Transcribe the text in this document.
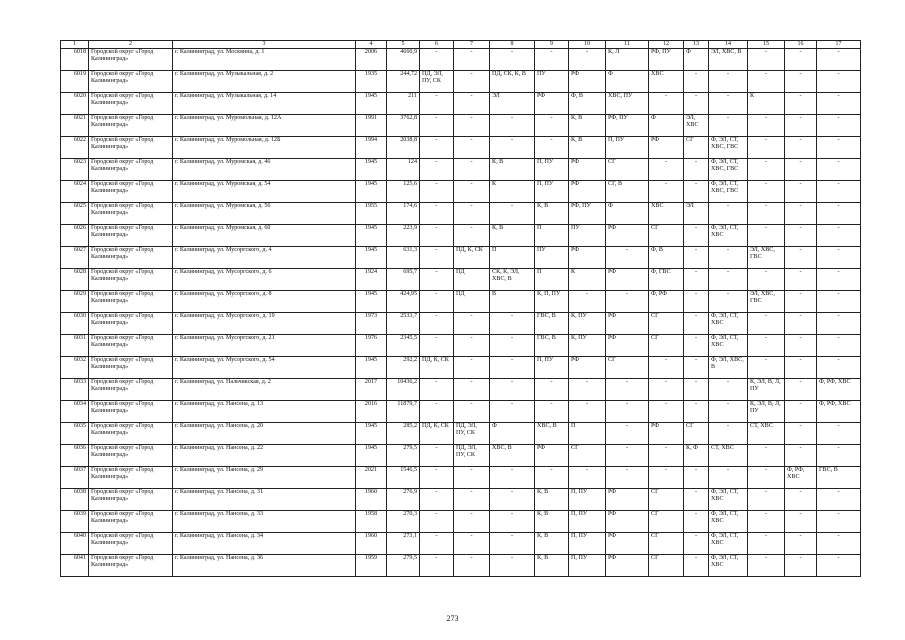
1	2	3	4	5	6	7	8	9	10	11	12	13	14	15	16	17
6018	Городской округ «Город Калининград»	г. Калининград, ул. Москвина, д. 1	2006	4660,9	-	-	-	-	-	К, Л	РФ, ПУ	Ф	ЭЛ, ХВС, В	-	-	-
6019	Городской округ «Город Калининград»	г. Калининград, ул. Музыкальная, д. 2	1935	244,72	ПД, ЭЛ, ПУ, СК	-	ПД, СК, К, В	ПУ	РФ	Ф	ХВС	-	-	-	-	-
6020	Городской округ «Город Калининград»	г. Калининград, ул. Музыкальная, д. 14	1945	211	-	-	ЭЛ	РФ	Ф, В	ХВС, ПУ	-	-	-	К	-	-
6021	Городской округ «Город Калининград»	г. Калининград, ул. Муромольная, д. 12А	1991	3762,8	-	-	-	-	К, В	РФ, ПУ	Ф	ЭЛ, ХВС	-	-	-	-
6022	Городской округ «Город Калининград»	г. Калининград, ул. Муромольная, д. 12Б	1994	2038,8	-	-	-	-	К, В	П, ПУ	РФ	СГ	Ф, ЭЛ, СТ, ХВС, ГВС	-	-	-
6023	Городской округ «Город Калининград»	г. Калининград, ул. Муромская, д. 46	1945	124	-	-	К, В	П, ПУ	РФ	СГ	-	-	Ф, ЭЛ, СТ, ХВС, ГВС	-	-	-
6024	Городской округ «Город Калининград»	г. Калининград, ул. Муромская, д. 54	1945	125,6	-	-	К	П, ПУ	РФ	СГ, В	-	-	Ф, ЭЛ, СТ, ХВС, ГВС	-	-	-
6025	Городской округ «Город Калининград»	г. Калининград, ул. Муромская, д. 56	1955	174,6	-	-	-	К, В	РФ, ПУ	Ф	ХВС	ЭЛ	-	-	-	-
6026	Городской округ «Город Калининград»	г. Калининград, ул. Муромская, д. 60	1945	223,9	-	-	К, В	П	ПУ	РФ	СГ	-	Ф, ЭЛ, СТ, ХВС	-	-	-
6027	Городской округ «Город Калининград»	г. Калининград, ул. Мусоргского, д. 4	1945	631,3	-	ПД, К, СК	П	ПУ	РФ	-	Ф, В	-	-	ЭЛ, ХВС, ГВС	-	-
6028	Городской округ «Город Калининград»	г. Калининград, ул. Мусоргского, д. 6	1924	695,7	-	ПД	СК, К, ЭЛ, ХВС, В	П	К	РФ	Ф, ГВС	-	-	-	-	-
6029	Городской округ «Город Калининград»	г. Калининград, ул. Мусоргского, д. 8	1945	424,95	-	ПД	В	К, П, ПУ	-	-	Ф, РФ	-	-	ЭЛ, ХВС, ГВС	-	-
6030	Городской округ «Город Калининград»	г. Калининград, ул. Мусоргского, д. 19	1973	2533,7	-	-	-	ГВС, В	К, ПУ	РФ	СГ	-	Ф, ЭЛ, СТ, ХВС	-	-	-
6031	Городской округ «Город Калининград»	г. Калининград, ул. Мусоргского, д. 21	1976	2345,5	-	-	-	ГВС, В	К, ПУ	РФ	СГ	-	Ф, ЭЛ, СТ, ХВС	-	-	-
6032	Городской округ «Город Калининград»	г. Калининград, ул. Мусоргского, д. 54	1945	292,2	ПД, К, СК	-	-	П, ПУ	РФ	СГ	-	-	Ф, ЭЛ, ХВС, В	-	-	-
6033	Городской округ «Город Калининград»	г. Калининград, ул. Нальчикская, д. 2	2017	10436,2	-	-	-	-	-	-	-	-	-	К, ЭЛ, В, Л, ПУ	-	Ф, РФ, ХВС
6034	Городской округ «Город Калининград»	г. Калининград, ул. Нансена, д. 13	2016	11879,7	-	-	-	-	-	-	-	-	-	К, ЭЛ, В, Л, ПУ	-	Ф, РФ, ХВС
6035	Городской округ «Город Калининград»	г. Калининград, ул. Нансена, д. 20	1945	285,2	ПД, К, СК	ПД, ЭЛ, ПУ, СК	Ф	ХВС, В	П	-	РФ	СГ	-	СТ, ХВС	-	-
6036	Городской округ «Город Калининград»	г. Калининград, ул. Нансена, д. 22	1945	279,5	-	ПД, ЭЛ, ПУ, СК	ХВС, В	РФ	СГ	-	-	К, Ф	СТ, ХВС	-	-	-
6037	Городской округ «Город Калининград»	г. Калининград, ул. Нансена, д. 29	2021	1546,5	-	-	-	-	-	-	-	-	-	-	Ф, РФ, ХВС	ГВС, В
6038	Городской округ «Город Калининград»	г. Калининград, ул. Нансена, д. 31	1960	276,9	-	-	-	К, В	П, ПУ	РФ	СГ	-	Ф, ЭЛ, СТ, ХВС	-	-	-
6039	Городской округ «Город Калининград»	г. Калининград, ул. Нансена, д. 33	1958	270,3	-	-	-	К, В	П, ПУ	РФ	СГ	-	Ф, ЭЛ, СТ, ХВС	-	-	-
6040	Городской округ «Город Калининград»	г. Калининград, ул. Нансена, д. 34	1960	273,1	-	-	-	К, В	П, ПУ	РФ	СГ	-	Ф, ЭЛ, СТ, ХВС	-	-	-
6041	Городской округ «Город Калининград»	г. Калининград, ул. Нансена, д. 36	1959	279,5	-	-	-	К, В	П, ПУ	РФ	СГ	-	Ф, ЭЛ, СТ, ХВС	-	-	-
273
